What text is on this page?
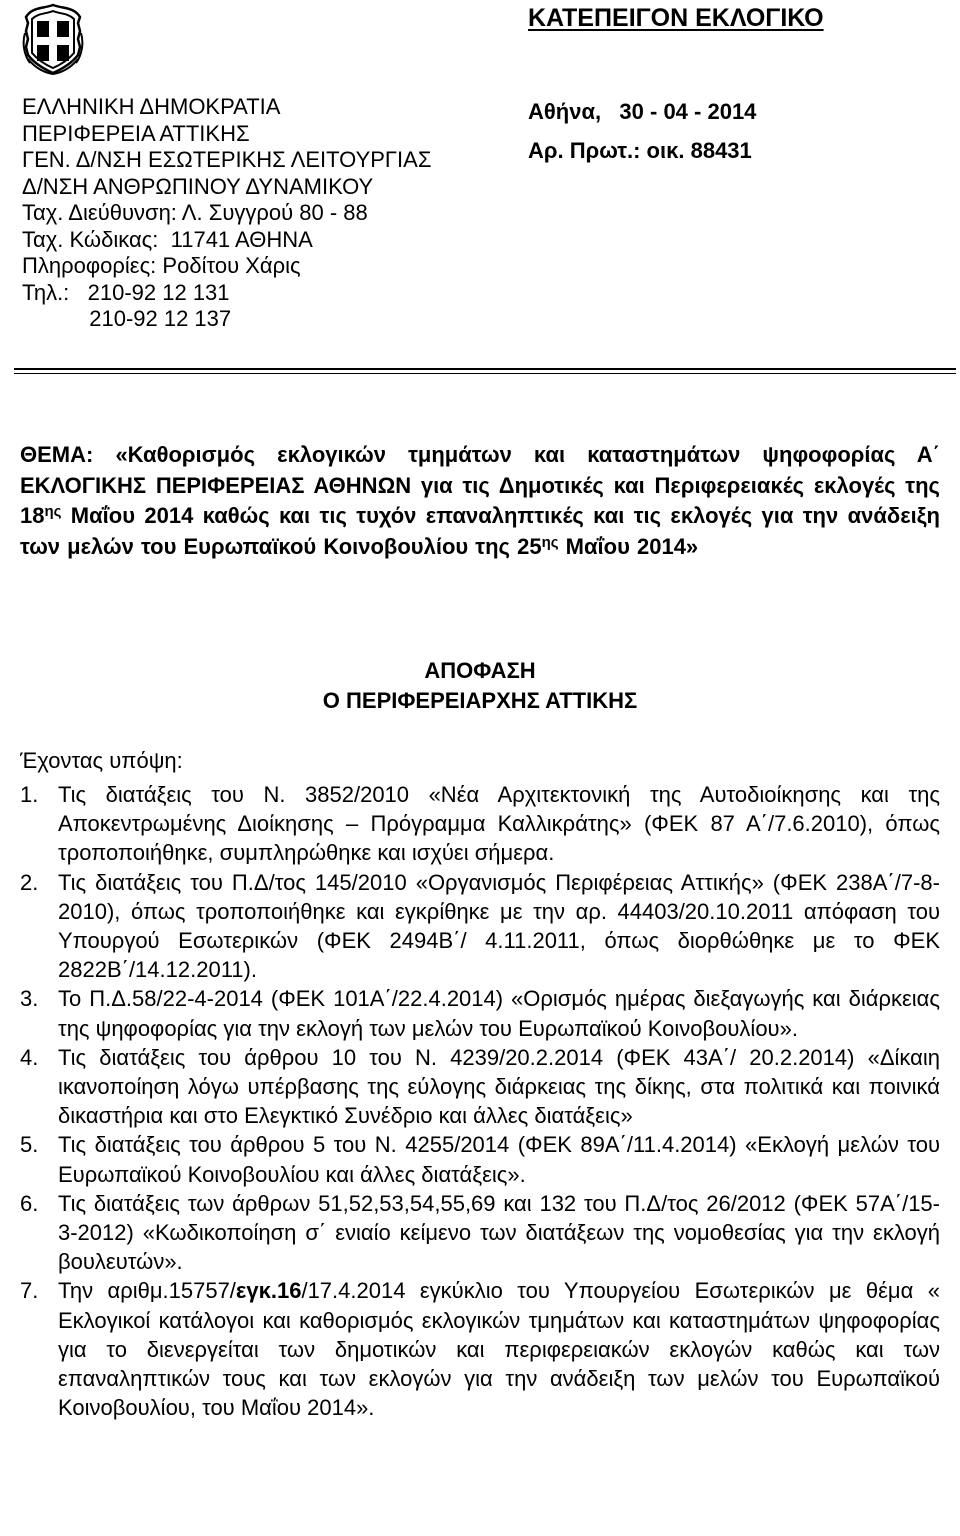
ΕΛΛΗΝΙΚΗ ΔΗΜΟΚΡΑΤΙΑ
ΠΕΡΙΦΕΡΕΙΑ ΑΤΤΙΚΗΣ
ΓΕΝ. Δ/ΝΣΗ ΕΣΩΤΕΡΙΚΗΣ ΛΕΙΤΟΥΡΓΙΑΣ
Δ/ΝΣΗ ΑΝΘΡΩΠΙΝΟΥ ΔΥΝΑΜΙΚΟΥ
Ταχ. Διεύθυνση: Λ. Συγγρού 80 - 88
Ταχ. Κώδικας:  11741 ΑΘΗΝΑ
Πληροφορίες: Ροδίτου Χάρις
Τηλ.:   210-92 12 131
210-92 12 137
ΚΑΤΕΠΕΙΓΟΝ ΕΚΛΟΓΙΚΟ
Αθήνα,   30 - 04 - 2014
Αρ. Πρωτ.: οικ. 88431
ΘΕΜΑ: «Καθορισμός εκλογικών τμημάτων και καταστημάτων ψηφοφορίας Α΄ ΕΚΛΟΓΙΚΗΣ ΠΕΡΙΦΕΡΕΙΑΣ ΑΘΗΝΩΝ για τις Δημοτικές και Περιφερειακές εκλογές της $18^{\eta\varsigma}$ Μαΐου 2014 καθώς και τις τυχόν επαναληπτικές και τις εκλογές για την ανάδειξη των μελών του Ευρωπαϊκού Κοινοβουλίου της $25^{\eta\varsigma}$ Μαΐου 2014»
ΑΠΟΦΑΣΗ
Ο ΠΕΡΙΦΕΡΕΙΑΡΧΗΣ ΑΤΤΙΚΗΣ
Έχοντας υπόψη:
1. Τις διατάξεις του Ν. 3852/2010 «Νέα Αρχιτεκτονική της Αυτοδιοίκησης και της Αποκεντρωμένης Διοίκησης – Πρόγραμμα Καλλικράτης» (ΦΕΚ 87 Α΄/7.6.2010), όπως τροποποιήθηκε, συμπληρώθηκε και ισχύει σήμερα.
2. Τις διατάξεις του Π.Δ/τος 145/2010 «Οργανισμός Περιφέρειας Αττικής» (ΦΕΚ 238Α΄/7-8-2010), όπως τροποποιήθηκε και εγκρίθηκε με την αρ. 44403/20.10.2011 απόφαση του Υπουργού Εσωτερικών (ΦΕΚ 2494Β΄/ 4.11.2011, όπως διορθώθηκε με το ΦΕΚ 2822Β΄/14.12.2011).
3. Το Π.Δ.58/22-4-2014 (ΦΕΚ 101Α΄/22.4.2014) «Ορισμός ημέρας διεξαγωγής και διάρκειας της ψηφοφορίας για την εκλογή των μελών του Ευρωπαϊκού Κοινοβουλίου».
4. Τις διατάξεις του άρθρου 10 του Ν. 4239/20.2.2014 (ΦΕΚ 43Α΄/ 20.2.2014) «Δίκαιη ικανοποίηση λόγω υπέρβασης της εύλογης διάρκειας της δίκης, στα πολιτικά και ποινικά δικαστήρια και στο Ελεγκτικό Συνέδριο και άλλες διατάξεις»
5. Τις διατάξεις του άρθρου 5 του Ν. 4255/2014 (ΦΕΚ 89Α΄/11.4.2014) «Εκλογή μελών του Ευρωπαϊκού Κοινοβουλίου και άλλες διατάξεις».
6. Τις διατάξεις των άρθρων 51,52,53,54,55,69 και 132 του Π.Δ/τος 26/2012 (ΦΕΚ 57Α΄/15-3-2012) «Κωδικοποίηση σ΄ ενιαίο κείμενο των διατάξεων της νομοθεσίας για την εκλογή βουλευτών».
7. Την αριθμ.15757/εγκ.16/17.4.2014 εγκύκλιο του Υπουργείου Εσωτερικών με θέμα « Εκλογικοί κατάλογοι και καθορισμός εκλογικών τμημάτων και καταστημάτων ψηφοφορίας για το διενεργείται των δημοτικών και περιφερειακών εκλογών καθώς και των επαναληπτικών τους και των εκλογών για την ανάδειξη των μελών του Ευρωπαϊκού Κοινοβουλίου, του Μαΐου 2014».
